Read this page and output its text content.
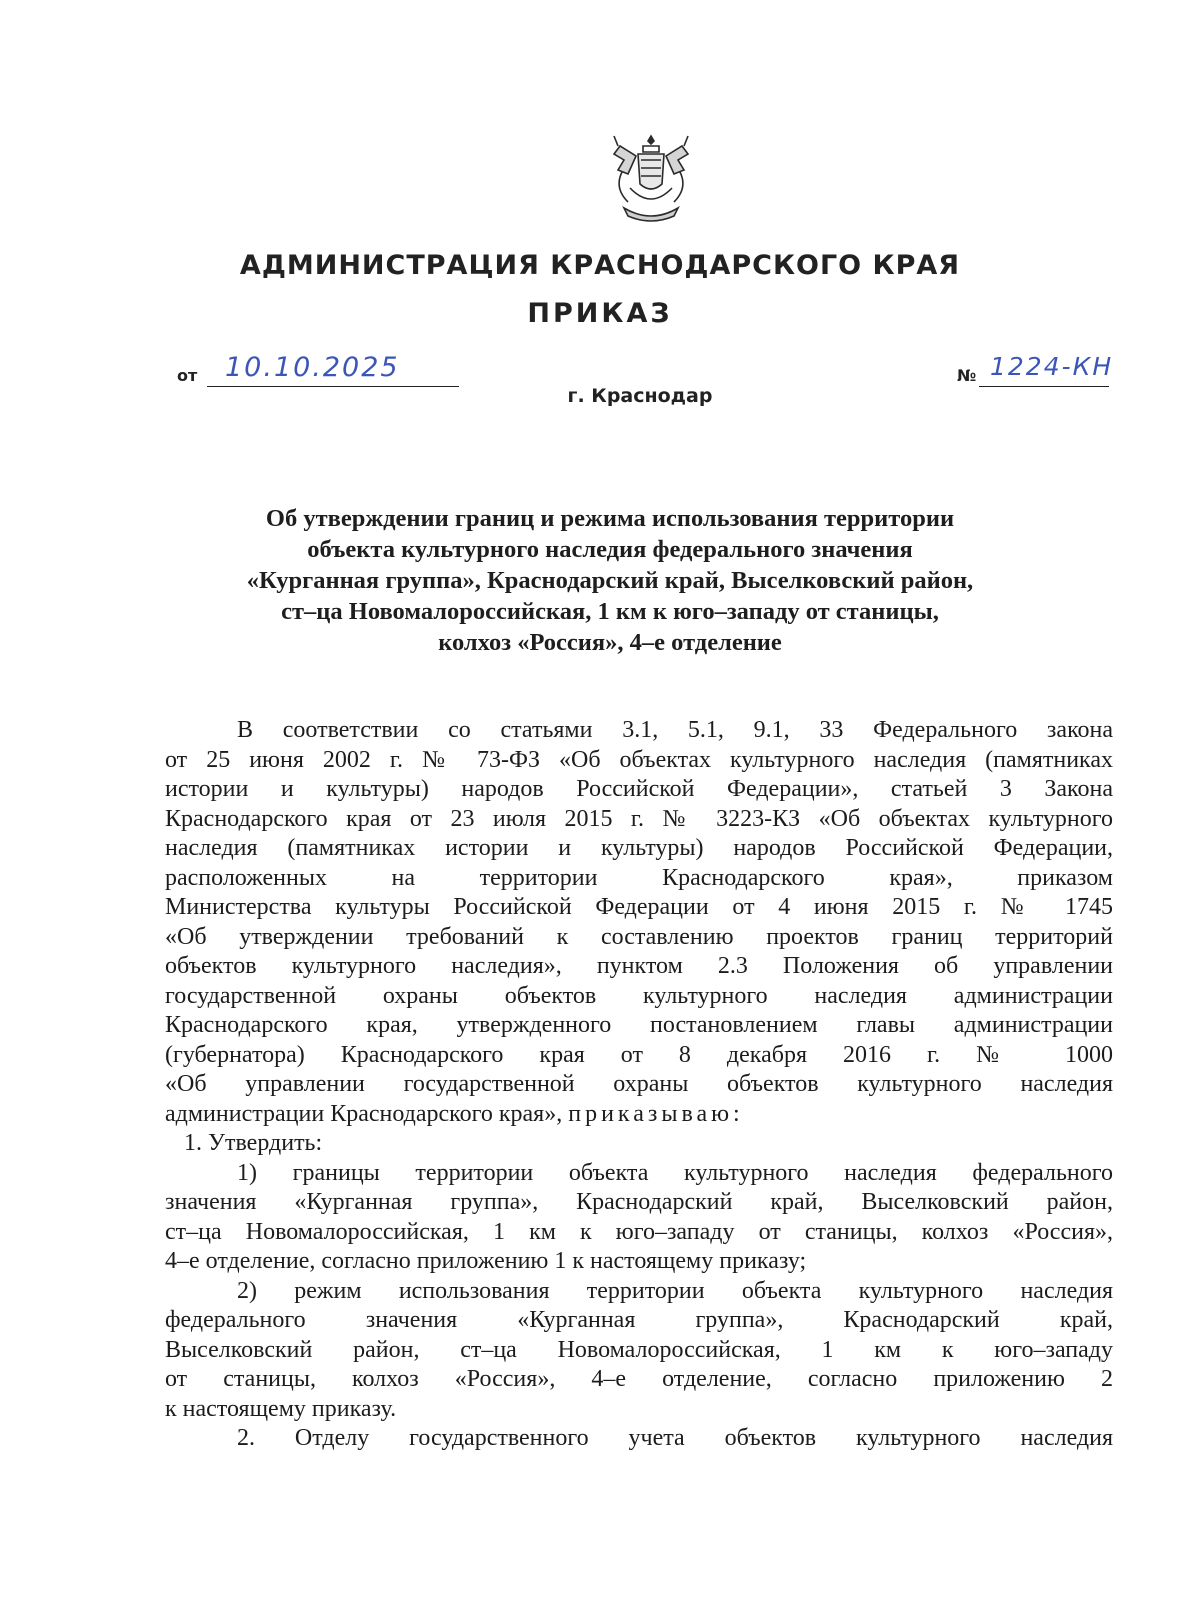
АДМИНИСТРАЦИЯ КРАСНОДАРСКОГО КРАЯ
ПРИКАЗ
от 10.10.2025	№ 1224-КН
г. Краснодар
Об утверждении границ и режима использования территории
объекта культурного наследия федерального значения
«Курганная группа», Краснодарский край, Выселковский район,
ст–ца Новомалороссийская, 1 км к юго–западу от станицы,
колхоз «Россия», 4–е отделение
В соответствии со статьями 3.1, 5.1, 9.1, 33 Федерального закона
от 25 июня 2002 г. № 73-ФЗ «Об объектах культурного наследия (памятниках
истории и культуры) народов Российской Федерации», статьей 3 Закона
Краснодарского края от 23 июля 2015 г. № 3223-КЗ «Об объектах культурного
наследия (памятниках истории и культуры) народов Российской Федерации,
расположенных на территории Краснодарского края», приказом
Министерства культуры Российской Федерации от 4 июня 2015 г. № 1745
«Об утверждении требований к составлению проектов границ территорий
объектов культурного наследия», пунктом 2.3 Положения об управлении
государственной охраны объектов культурного наследия администрации
Краснодарского края, утвержденного постановлением главы администрации
(губернатора) Краснодарского края от 8 декабря 2016 г. № 1000
«Об управлении государственной охраны объектов культурного наследия
администрации Краснодарского края», приказываю:
1. Утвердить:
1) границы территории объекта культурного наследия федерального
значения «Курганная группа», Краснодарский край, Выселковский район,
ст–ца Новомалороссийская, 1 км к юго–западу от станицы, колхоз «Россия»,
4–е отделение, согласно приложению 1 к настоящему приказу;
2) режим использования территории объекта культурного наследия
федерального значения «Курганная группа», Краснодарский край,
Выселковский район, ст–ца Новомалороссийская, 1 км к юго–западу
от станицы, колхоз «Россия», 4–е отделение, согласно приложению 2
к настоящему приказу.
2. Отделу государственного учета объектов культурного наследия
